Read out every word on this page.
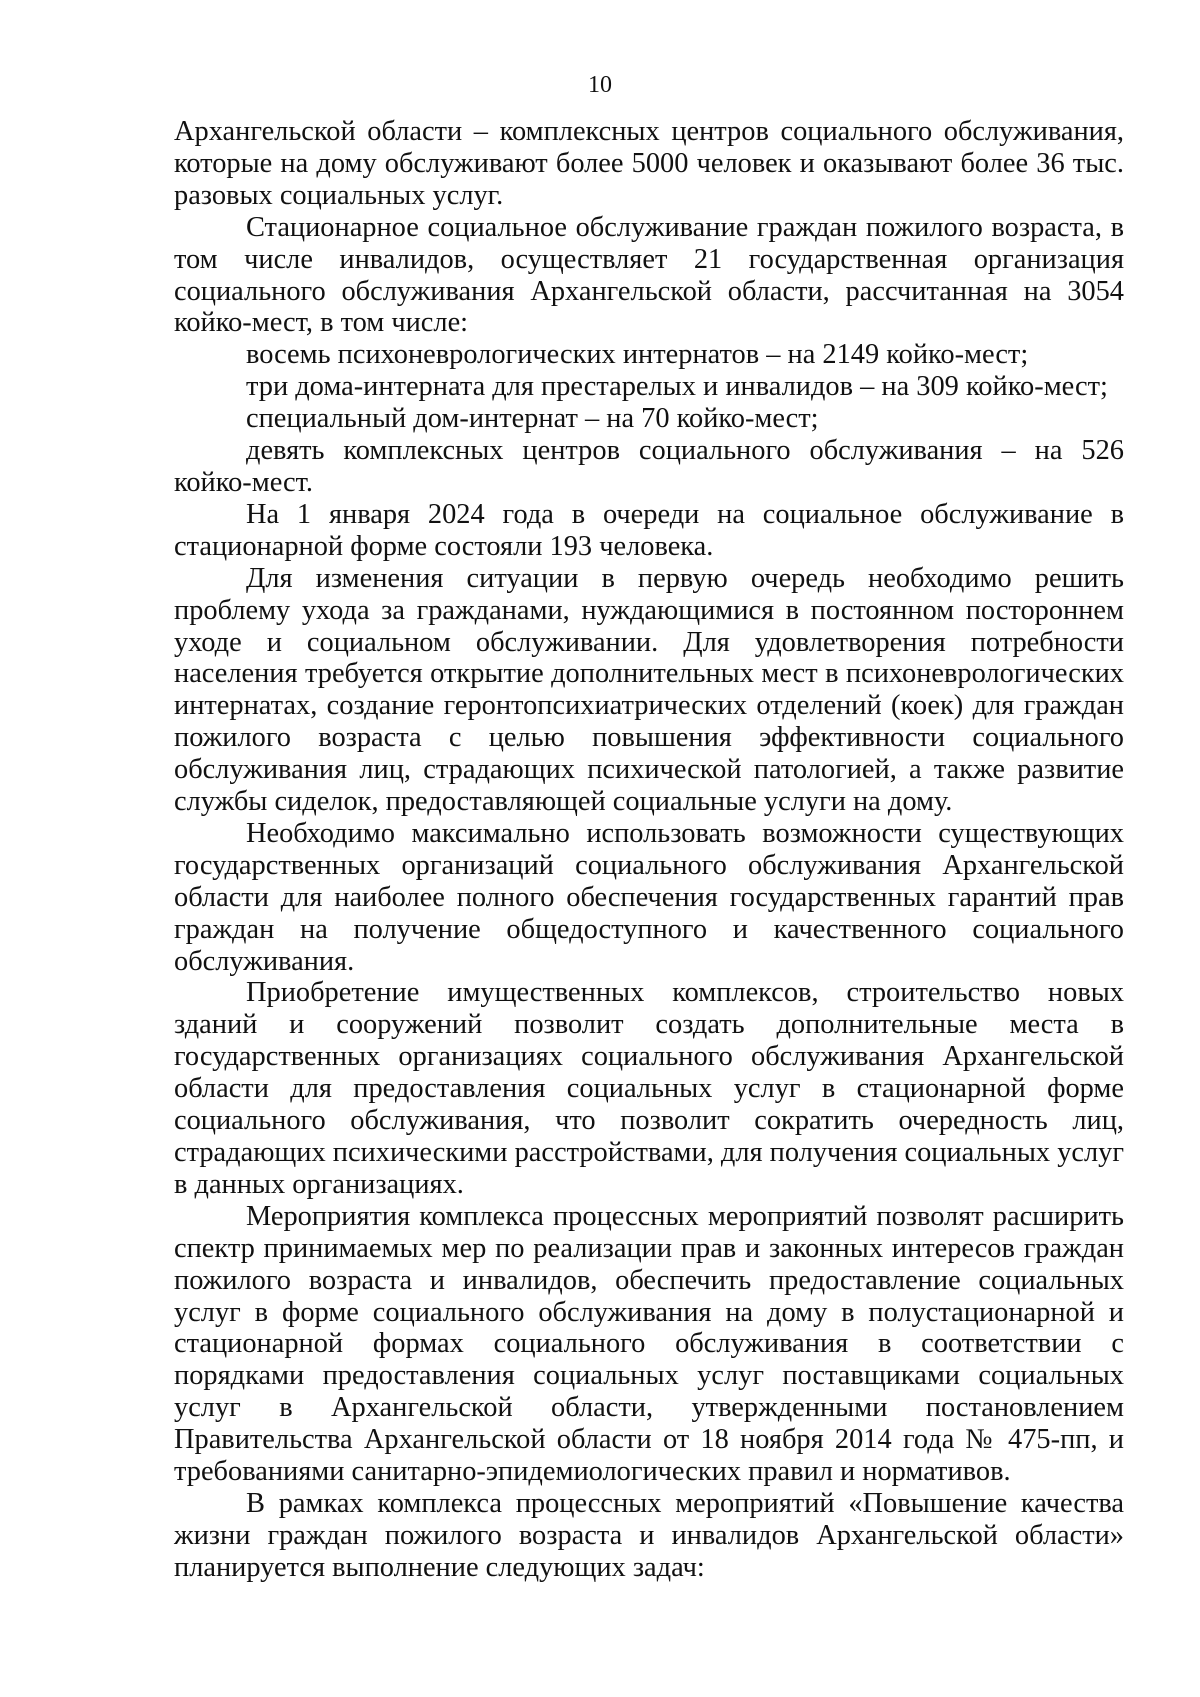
10

Архангельской области – комплексных центров социального обслуживания, которые на дому обслуживают более 5000 человек и оказывают более 36 тыс. разовых социальных услуг.

Стационарное социальное обслуживание граждан пожилого возраста, в том числе инвалидов, осуществляет 21 государственная организация социального обслуживания Архангельской области, рассчитанная на 3054 койко-мест, в том числе:

восемь психоневрологических интернатов – на 2149 койко-мест;

три дома-интерната для престарелых и инвалидов – на 309 койко-мест;

специальный дом-интернат – на 70 койко-мест;

девять комплексных центров социального обслуживания – на 526 койко-мест.

На 1 января 2024 года в очереди на социальное обслуживание в стационарной форме состояли 193 человека.

Для изменения ситуации в первую очередь необходимо решить проблему ухода за гражданами, нуждающимися в постоянном постороннем уходе и социальном обслуживании. Для удовлетворения потребности населения требуется открытие дополнительных мест в психоневрологических интернатах, создание геронтопсихиатрических отделений (коек) для граждан пожилого возраста с целью повышения эффективности социального обслуживания лиц, страдающих психической патологией, а также развитие службы сиделок, предоставляющей социальные услуги на дому.

Необходимо максимально использовать возможности существующих государственных организаций социального обслуживания Архангельской области для наиболее полного обеспечения государственных гарантий прав граждан на получение общедоступного и качественного социального обслуживания.

Приобретение имущественных комплексов, строительство новых зданий и сооружений позволит создать дополнительные места в государственных организациях социального обслуживания Архангельской области для предоставления социальных услуг в стационарной форме социального обслуживания, что позволит сократить очередность лиц, страдающих психическими расстройствами, для получения социальных услуг в данных организациях.

Мероприятия комплекса процессных мероприятий позволят расширить спектр принимаемых мер по реализации прав и законных интересов граждан пожилого возраста и инвалидов, обеспечить предоставление социальных услуг в форме социального обслуживания на дому в полустационарной и стационарной формах социального обслуживания в соответствии с порядками предоставления социальных услуг поставщиками социальных услуг в Архангельской области, утвержденными постановлением Правительства Архангельской области от 18 ноября 2014 года № 475-пп, и требованиями санитарно-эпидемиологических правил и нормативов.

В рамках комплекса процессных мероприятий «Повышение качества жизни граждан пожилого возраста и инвалидов Архангельской области» планируется выполнение следующих задач:
